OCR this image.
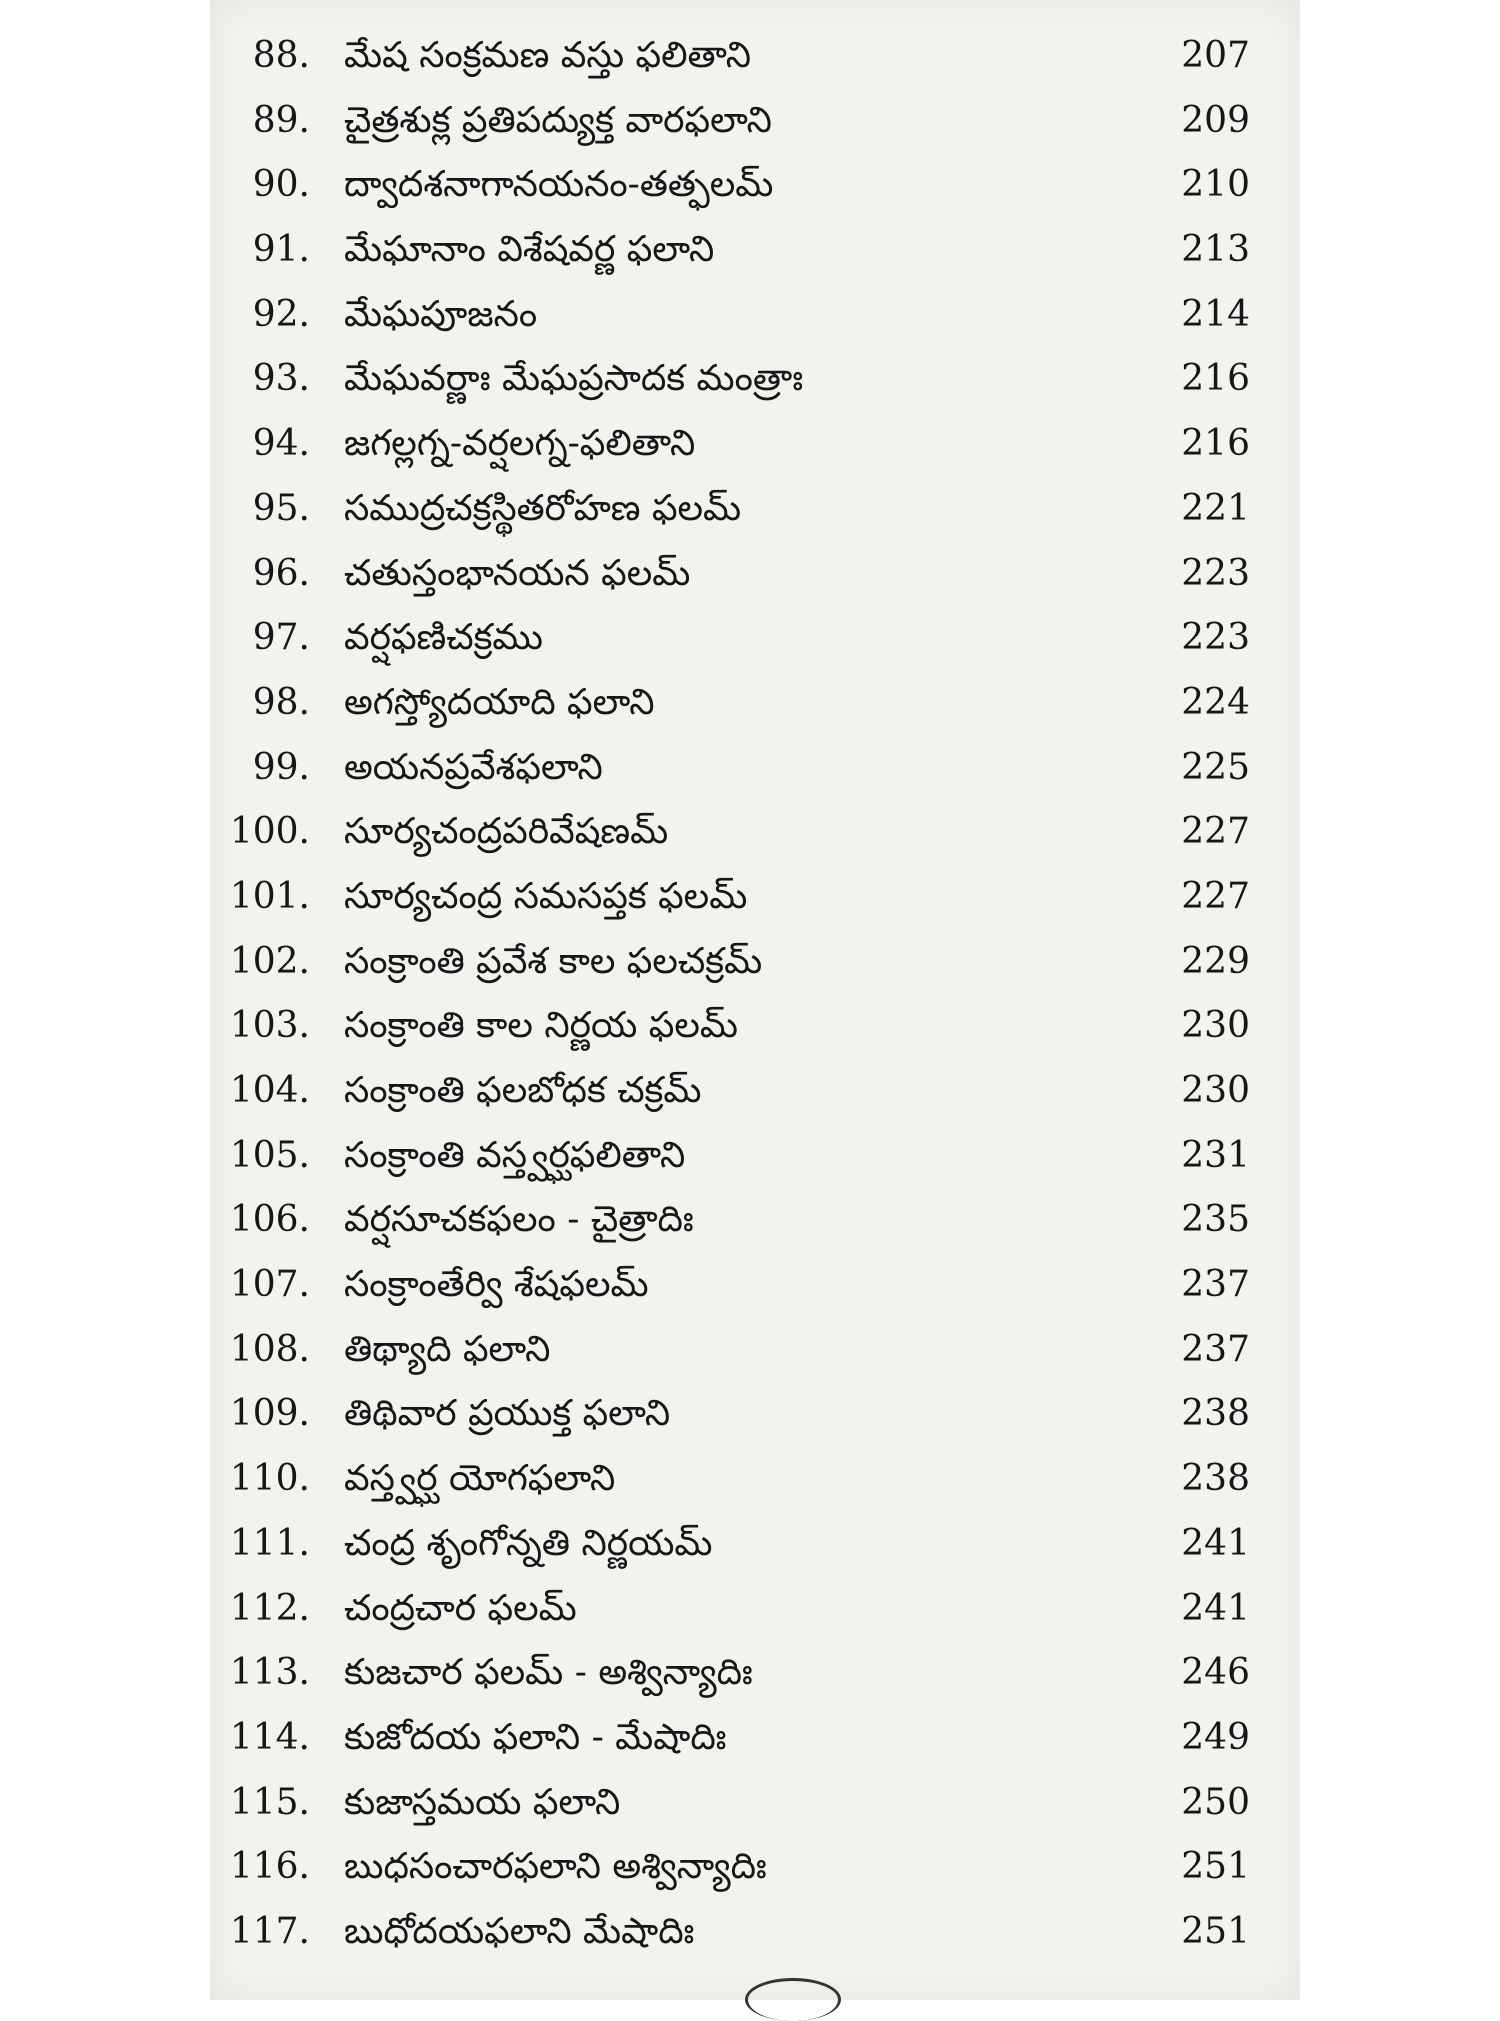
88. మేష సంక్రమణ వస్తు ఫలితాని	207
89. చైత్రశుక్ల ప్రతిపద్యుక్త వారఫలాని	209
90. ద్వాదశనాగానయనం-తత్ఫలమ్	210
91. మేఘానాం విశేషవర్ణ ఫలాని	213
92. మేఘపూజనం	214
93. మేఘవర్ణాః మేఘప్రసాదక మంత్రాః	216
94. జగల్లగ్న-వర్షలగ్న-ఫలితాని	216
95. సముద్రచక్రస్థితరోహణ ఫలమ్	221
96. చతుస్తంభానయన ఫలమ్	223
97. వర్షఫణిచక్రము	223
98. అగస్త్యోదయాది ఫలాని	224
99. అయనప్రవేశఫలాని	225
100. సూర్యచంద్రపరివేషణమ్	227
101. సూర్యచంద్ర సమసప్తక ఫలమ్	227
102. సంక్రాంతి ప్రవేశ కాల ఫలచక్రమ్	229
103. సంక్రాంతి కాల నిర్ణయ ఫలమ్	230
104. సంక్రాంతి ఫలబోధక చక్రమ్	230
105. సంక్రాంతి వస్త్వర్ఘఫలితాని	231
106. వర్షసూచకఫలం - చైత్రాదిః	235
107. సంక్రాంతేర్వి శేషఫలమ్	237
108. తిథ్యాది ఫలాని	237
109. తిథివార ప్రయుక్త ఫలాని	238
110. వస్త్వర్ఘ యోగఫలాని	238
111. చంద్ర శృంగోన్నతి నిర్ణయమ్	241
112. చంద్రచార ఫలమ్	241
113. కుజచార ఫలమ్ - అశ్విన్యాదిః	246
114. కుజోదయ ఫలాని - మేషాదిః	249
115. కుజాస్తమయ ఫలాని	250
116. బుధసంచారఫలాని అశ్విన్యాదిః	251
117. బుధోదయఫలాని మేషాదిః	251
